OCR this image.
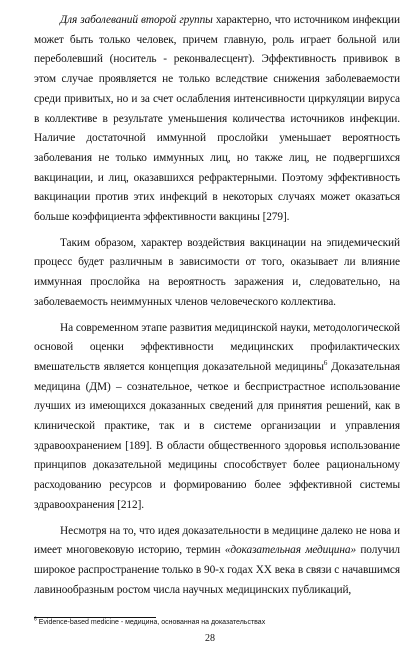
Для заболеваний второй группы характерно, что источником инфекции может быть только человек, причем главную, роль играет больной или переболевший (носитель - реконвалесцент). Эффективность прививок в этом случае проявляется не только вследствие снижения заболеваемости среди привитых, но и за счет ослабления интенсивности циркуляции вируса в коллективе в результате уменьшения количества источников инфекции. Наличие достаточной иммунной прослойки уменьшает вероятность заболевания не только иммунных лиц, но также лиц, не подвергшихся вакцинации, и лиц, оказавшихся рефрактерными. Поэтому эффективность вакцинации против этих инфекций в некоторых случаях может оказаться больше коэффициента эффективности вакцины [279].

Таким образом, характер воздействия вакцинации на эпидемический процесс будет различным в зависимости от того, оказывает ли влияние иммунная прослойка на вероятность заражения и, следовательно, на заболеваемость неиммунных членов человеческого коллектива.

На современном этапе развития медицинской науки, методологической основой оценки эффективности медицинских профилактических вмешательств является концепция доказательной медицины$^6$ Доказательная медицина (ДМ) – сознательное, четкое и беспристрастное использование лучших из имеющихся доказанных сведений для принятия решений, как в клинической практике, так и в системе организации и управления здравоохранением [189]. В области общественного здоровья использование принципов доказательной медицины способствует более рациональному расходованию ресурсов и формированию более эффективной системы здравоохранения [212].

Несмотря на то, что идея доказательности в медицине далеко не нова и имеет многовековую историю, термин «доказательная медицина» получил широкое распространение только в 90-х годах XX века в связи с начавшимся лавинообразным ростом числа научных медицинских публикаций,

$^6$ Evidence-based medicine - медицина, основанная на доказательствах
28
